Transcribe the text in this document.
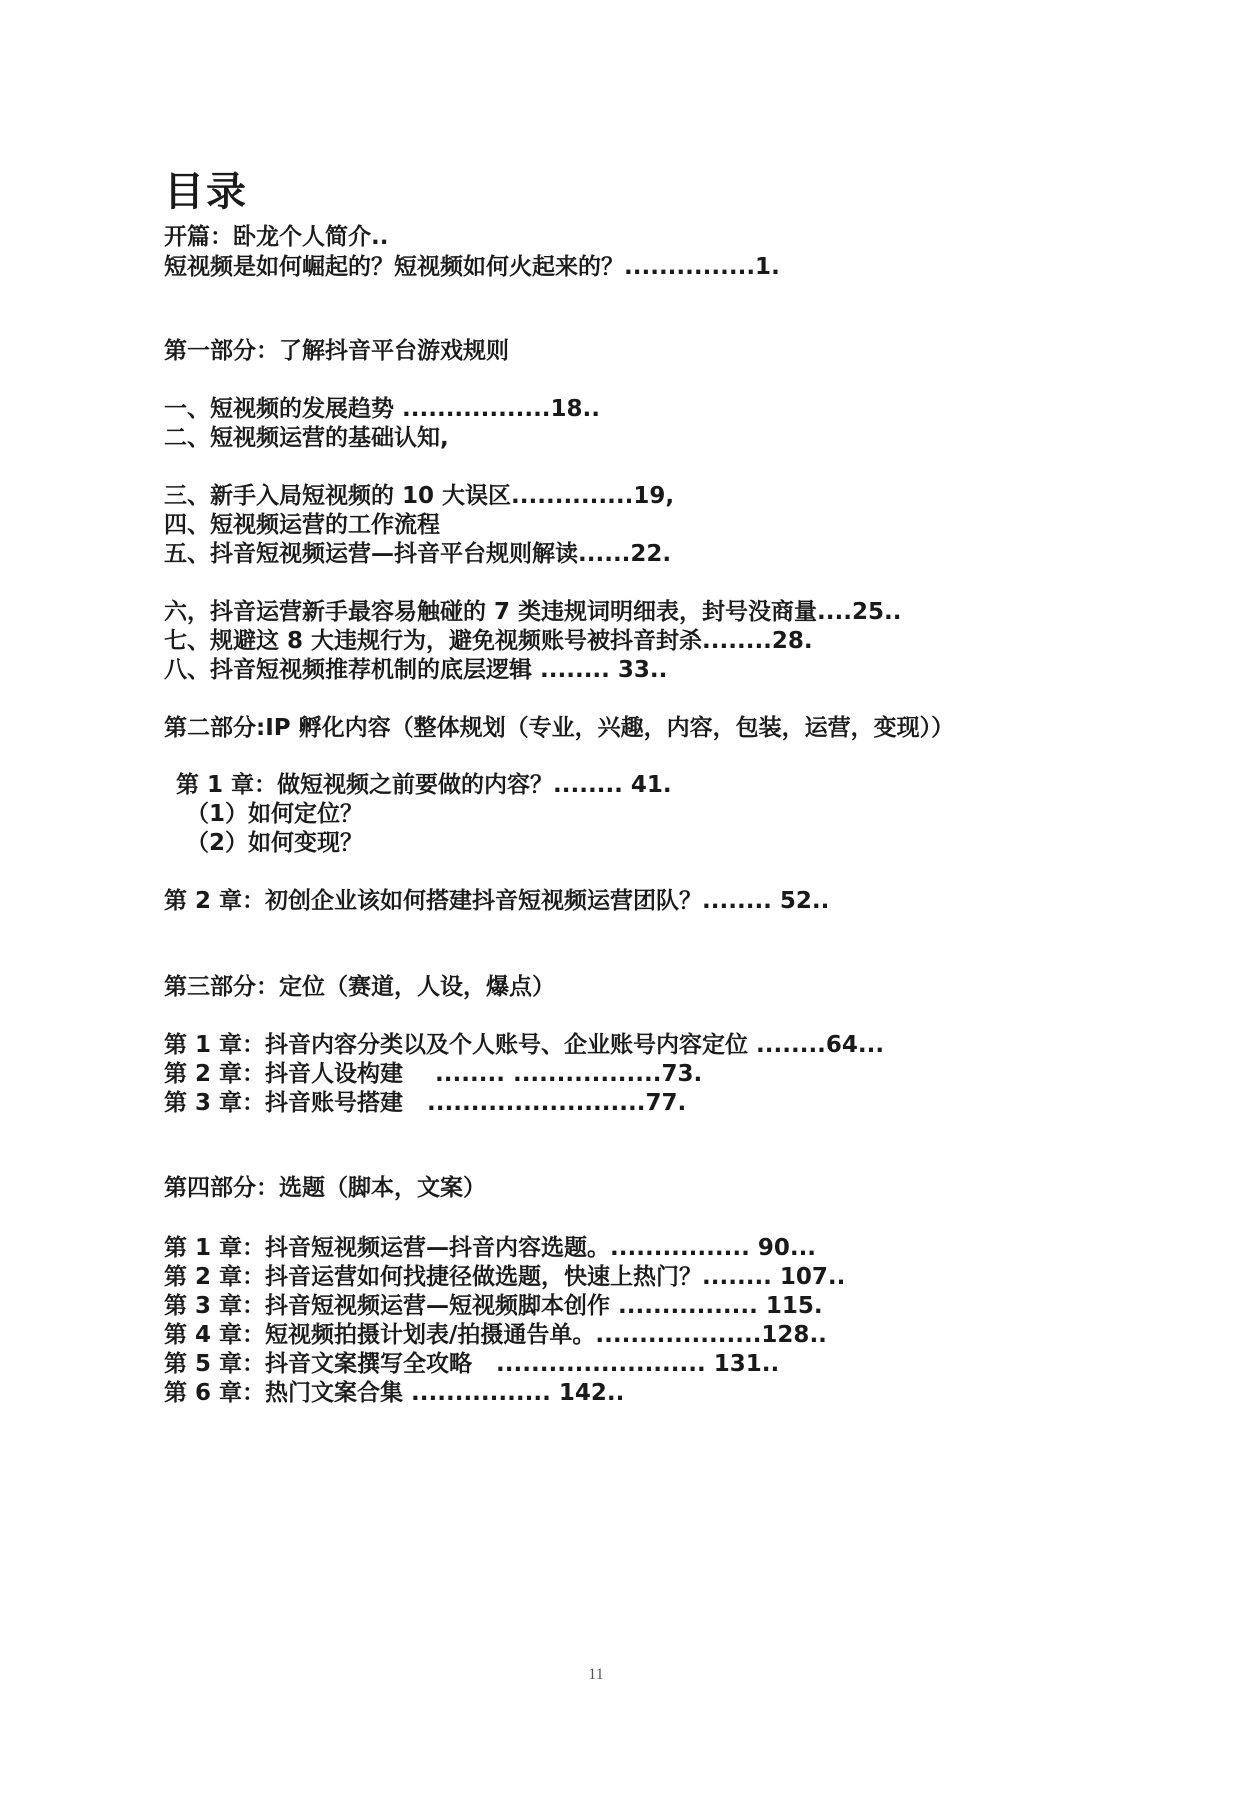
目录
开篇：卧龙个人简介..
短视频是如何崛起的？短视频如何火起来的？...............1.
第一部分：了解抖音平台游戏规则
一、短视频的发展趋势 .................18..
二、短视频运营的基础认知,
三、新手入局短视频的 10 大误区..............19,
四、短视频运营的工作流程
五、抖音短视频运营—抖音平台规则解读......22.
六，抖音运营新手最容易触碰的 7 类违规词明细表，封号没商量....25..
七、规避这 8 大违规行为，避免视频账号被抖音封杀........28.
八、抖音短视频推荐机制的底层逻辑 ........ 33..
第二部分:IP 孵化内容（整体规划（专业，兴趣，内容，包装，运营，变现））
第 1 章：做短视频之前要做的内容？........ 41.
（1）如何定位？
（2）如何变现？
第 2 章：初创企业该如何搭建抖音短视频运营团队？........ 52..
第三部分：定位（赛道，人设，爆点）
第 1 章：抖音内容分类以及个人账号、企业账号内容定位 ........64...
第 2 章：抖音人设构建    ........ .................73.
第 3 章：抖音账号搭建   .........................77.
第四部分：选题（脚本，文案）
第 1 章：抖音短视频运营—抖音内容选题。................ 90...
第 2 章：抖音运营如何找捷径做选题，快速上热门？........ 107..
第 3 章：抖音短视频运营—短视频脚本创作 ................ 115.
第 4 章：短视频拍摄计划表/拍摄通告单。...................128..
第 5 章：抖音文案撰写全攻略   ........................ 131..
第 6 章：热门文案合集 ................ 142..
11
